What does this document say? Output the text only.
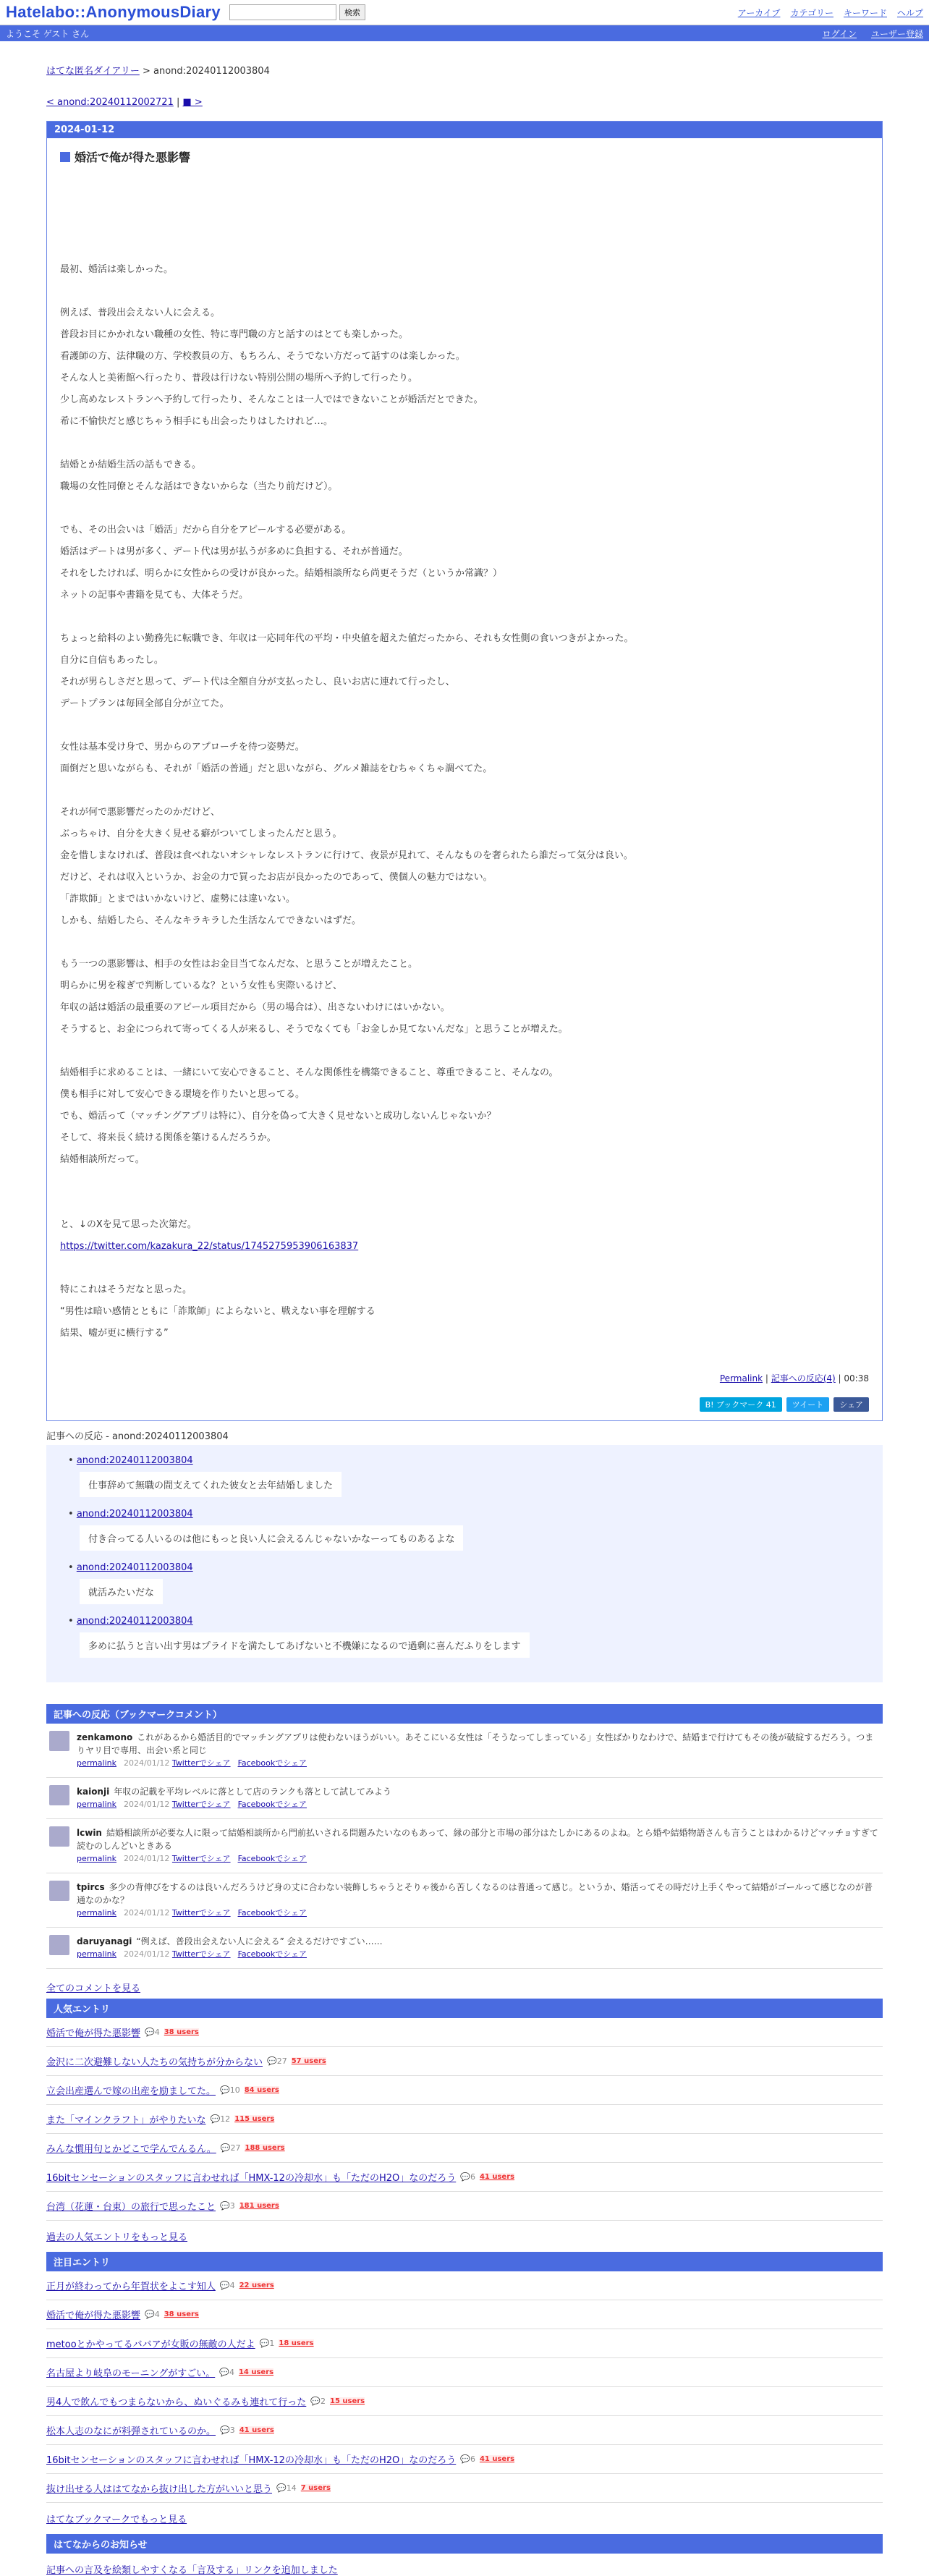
Hatelabo::AnonymousDiary	検索	アーカイブ カテゴリー キーワード ヘルプ
ようこそ ゲスト さん	ログイン ユーザー登録
はてな匿名ダイアリー > anond:20240112003804
< anond:20240112002721 | ■ >
2024-01-12
婚活で俺が得た悪影響

最初、婚活は楽しかった。

例えば、普段出会えない人に会える。

普段お目にかかれない職種の女性、特に専門職の方と話すのはとても楽しかった。

看護師の方、法律職の方、学校教員の方、もちろん、そうでない方だって話すのは楽しかった。

そんな人と美術館へ行ったり、普段は行けない特別公開の場所へ予約して行ったり。

少し高めなレストランへ予約して行ったり、そんなことは一人ではできないことが婚活だとできた。

希に不愉快だと感じちゃう相手にも出会ったりはしたけれど…。

結婚とか結婚生活の話もできる。

職場の女性同僚とそんな話はできないからな（当たり前だけど）。

でも、その出会いは「婚活」だから自分をアピールする必要がある。

婚活はデートは男が多く、デート代は男が払うが多めに負担する、それが普通だ。

それをしたければ、明らかに女性からの受けが良かった。結婚相談所なら尚更そうだ（というか常識？）

ネットの記事や書籍を見ても、大体そうだ。

ちょっと給料のよい勤務先に転職でき、年収は一応同年代の平均・中央値を超えた値だったから、それも女性側の食いつきがよかった。

自分に自信もあったし。

それが男らしさだと思って、デート代は全額自分が支払ったし、良いお店に連れて行ったし、

デートプランは毎回全部自分が立てた。

女性は基本受け身で、男からのアプローチを待つ姿勢だ。

面倒だと思いながらも、それが「婚活の普通」だと思いながら、グルメ雑誌をむちゃくちゃ調べてた。

それが何で悪影響だったのかだけど、

ぶっちゃけ、自分を大きく見せる癖がついてしまったんだと思う。

金を惜しまなければ、普段は食べれないオシャレなレストランに行けて、夜景が見れて、そんなものを奢られたら誰だって気分は良い。

だけど、それは収入というか、お金の力で買ったお店が良かったのであって、僕個人の魅力ではない。

「詐欺師」とまではいかないけど、虚勢には違いない。

しかも、結婚したら、そんなキラキラした生活なんてできないはずだ。

もう一つの悪影響は、相手の女性はお金目当てなんだな、と思うことが増えたこと。

明らかに男を稼ぎで判断しているな？という女性も実際いるけど、

年収の話は婚活の最重要のアピール項目だから（男の場合は）、出さないわけにはいかない。

そうすると、お金につられて寄ってくる人が来るし、そうでなくても「お金しか見てないんだな」と思うことが増えた。

結婚相手に求めることは、一緒にいて安心できること、そんな関係性を構築できること、尊重できること、そんなの。

僕も相手に対して安心できる環境を作りたいと思ってる。

でも、婚活って（マッチングアプリは特に）、自分を偽って大きく見せないと成功しないんじゃないか？

そして、将来長く続ける関係を築けるんだろうか。

結婚相談所だって。

と、↓のXを見て思った次第だ。

https://twitter.com/kazakura_22/status/1745275953906163837

特にこれはそうだなと思った。

“男性は暗い感情とともに「詐欺師」によらないと、戦えない事を理解する

結果、嘘が更に横行する”

Permalink | 記事への反応(4) | 00:38
B! ブックマーク 41	ツイート	シェア
記事への反応 - anond:20240112003804
• anond:20240112003804
仕事辞めて無職の間支えてくれた彼女と去年結婚しました
• anond:20240112003804
付き合ってる人いるのは他にもっと良い人に会えるんじゃないかなーってものあるよな
• anond:20240112003804
就活みたいだな
• anond:20240112003804
多めに払うと言い出す男はプライドを満たしてあげないと不機嫌になるので過剰に喜んだふりをします
記事への反応（ブックマークコメント）
zenkamono これがあるから婚活目的でマッチングアプリは使わないほうがいい。あそこにいる女性は「そうなってしまっている」女性ばかりなわけで、結婚まで行けてもその後が破綻するだろう。つまりヤリ目で専用、出会い系と同じ
permalink 2024/01/12 Twitterでシェア Facebookでシェア
kaionji 年収の記載を平均レベルに落として店のランクも落として試してみよう
permalink 2024/01/12 Twitterでシェア Facebookでシェア
lcwin 結婚相談所が必要な人に限って結婚相談所から門前払いされる問題みたいなのもあって、縁の部分と市場の部分はたしかにあるのよね。とら婚や結婚物語さんも言うことはわかるけどマッチョすぎて読むのしんどいときある
permalink 2024/01/12 Twitterでシェア Facebookでシェア
tpircs 多少の背伸びをするのは良いんだろうけど身の丈に合わない装飾しちゃうとそりゃ後から苦しくなるのは普通って感じ。というか、婚活ってその時だけ上手くやって結婚がゴールって感じなのが普通なのかな？
permalink 2024/01/12 Twitterでシェア Facebookでシェア
daruyanagi “例えば、普段出会えない人に会える” 会えるだけですごい……
permalink 2024/01/12 Twitterでシェア Facebookでシェア
全てのコメントを見る
人気エントリ
婚活で俺が得た悪影響 💬4 38 users
金沢に二次避難しない人たちの気持ちが分からない 💬27 57 users
立会出産選んで嫁の出産を励ましてた。 💬10 84 users
また「マインクラフト」がやりたいな 💬12 115 users
みんな慣用句とかどこで学んでんるん。 💬27 188 users
16bitセンセーションのスタッフに言わせれば「HMX-12の冷却水」も「ただのH2O」なのだろう 💬6 41 users
台湾（花蓮・台東）の旅行で思ったこと 💬3 181 users
過去の人気エントリをもっと見る
注目エントリ
正月が終わってから年賀状をよこす知人 💬4 22 users
婚活で俺が得た悪影響 💬4 38 users
metooとかやってるババアが女販の無敵の人だよ 💬1 18 users
名古屋より岐阜のモーニングがすごい。 💬4 14 users
男4人で飲んでもつまらないから、ぬいぐるみも連れて行った 💬2 15 users
松本人志のなにが料弾されているのか。 💬3 41 users
16bitセンセーションのスタッフに言わせれば「HMX-12の冷却水」も「ただのH2O」なのだろう 💬6 41 users
抜け出せる人ははてなから抜け出した方がいいと思う 💬14 7 users
はてなブックマークでもっと見る
はてなからのお知らせ
記事への言及を絵類しやすくなる「言及する」リンクを追加しました
